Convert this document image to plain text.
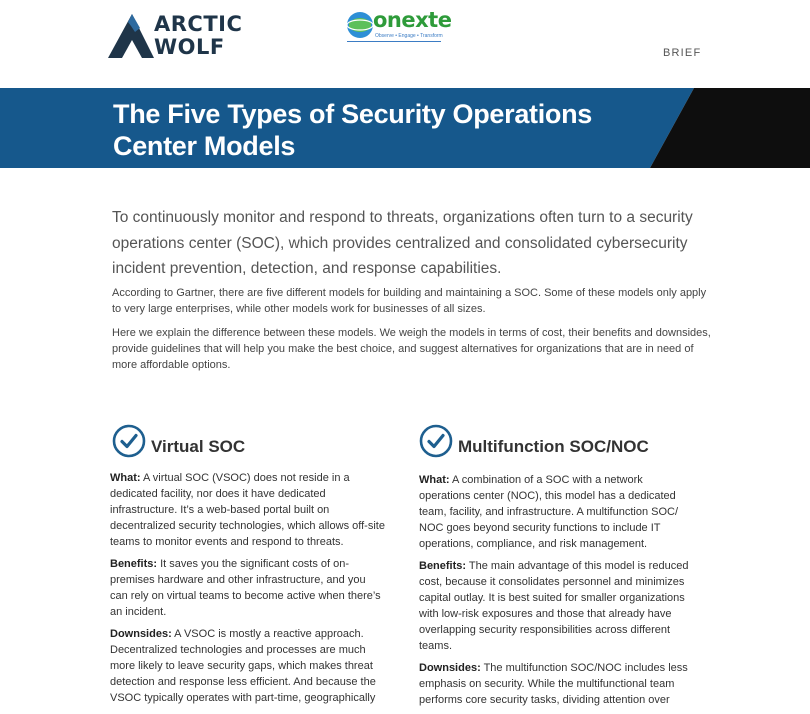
ARCTIC
WOLF
onexte
Observe • Engage • Transform
BRIEF
The Five Types of Security Operations
Center Models
To continuously monitor and respond to threats, organizations often turn to a security operations center (SOC), which provides centralized and consolidated cybersecurity incident prevention, detection, and response capabilities.
According to Gartner, there are five different models for building and maintaining a SOC. Some of these models only apply to very large enterprises, while other models work for businesses of all sizes.
Here we explain the difference between these models. We weigh the models in terms of cost, their benefits and downsides, provide guidelines that will help you make the best choice, and suggest alternatives for organizations that are in need of more affordable options.
Virtual SOC	Multifunction SOC/NOC

What: A virtual SOC (VSOC) does not reside in a dedicated facility, nor does it have dedicated infrastructure. It’s a web-based portal built on decentralized security technologies, which allows off-site teams to monitor events and respond to threats.

Benefits: It saves you the significant costs of on-premises hardware and other infrastructure, and you can rely on virtual teams to become active when there’s an incident.

Downsides: A VSOC is mostly a reactive approach. Decentralized technologies and processes are much more likely to leave security gaps, which makes threat detection and response less efficient. And because the VSOC typically operates with part-time, geographically

What: A combination of a SOC with a network operations center (NOC), this model has a dedicated team, facility, and infrastructure. A multifunction SOC/ NOC goes beyond security functions to include IT operations, compliance, and risk management.

Benefits: The main advantage of this model is reduced cost, because it consolidates personnel and minimizes capital outlay. It is best suited for smaller organizations with low-risk exposures and those that already have overlapping security responsibilities across different teams.

Downsides: The multifunction SOC/NOC includes less emphasis on security. While the multifunctional team performs core security tasks, dividing attention over
